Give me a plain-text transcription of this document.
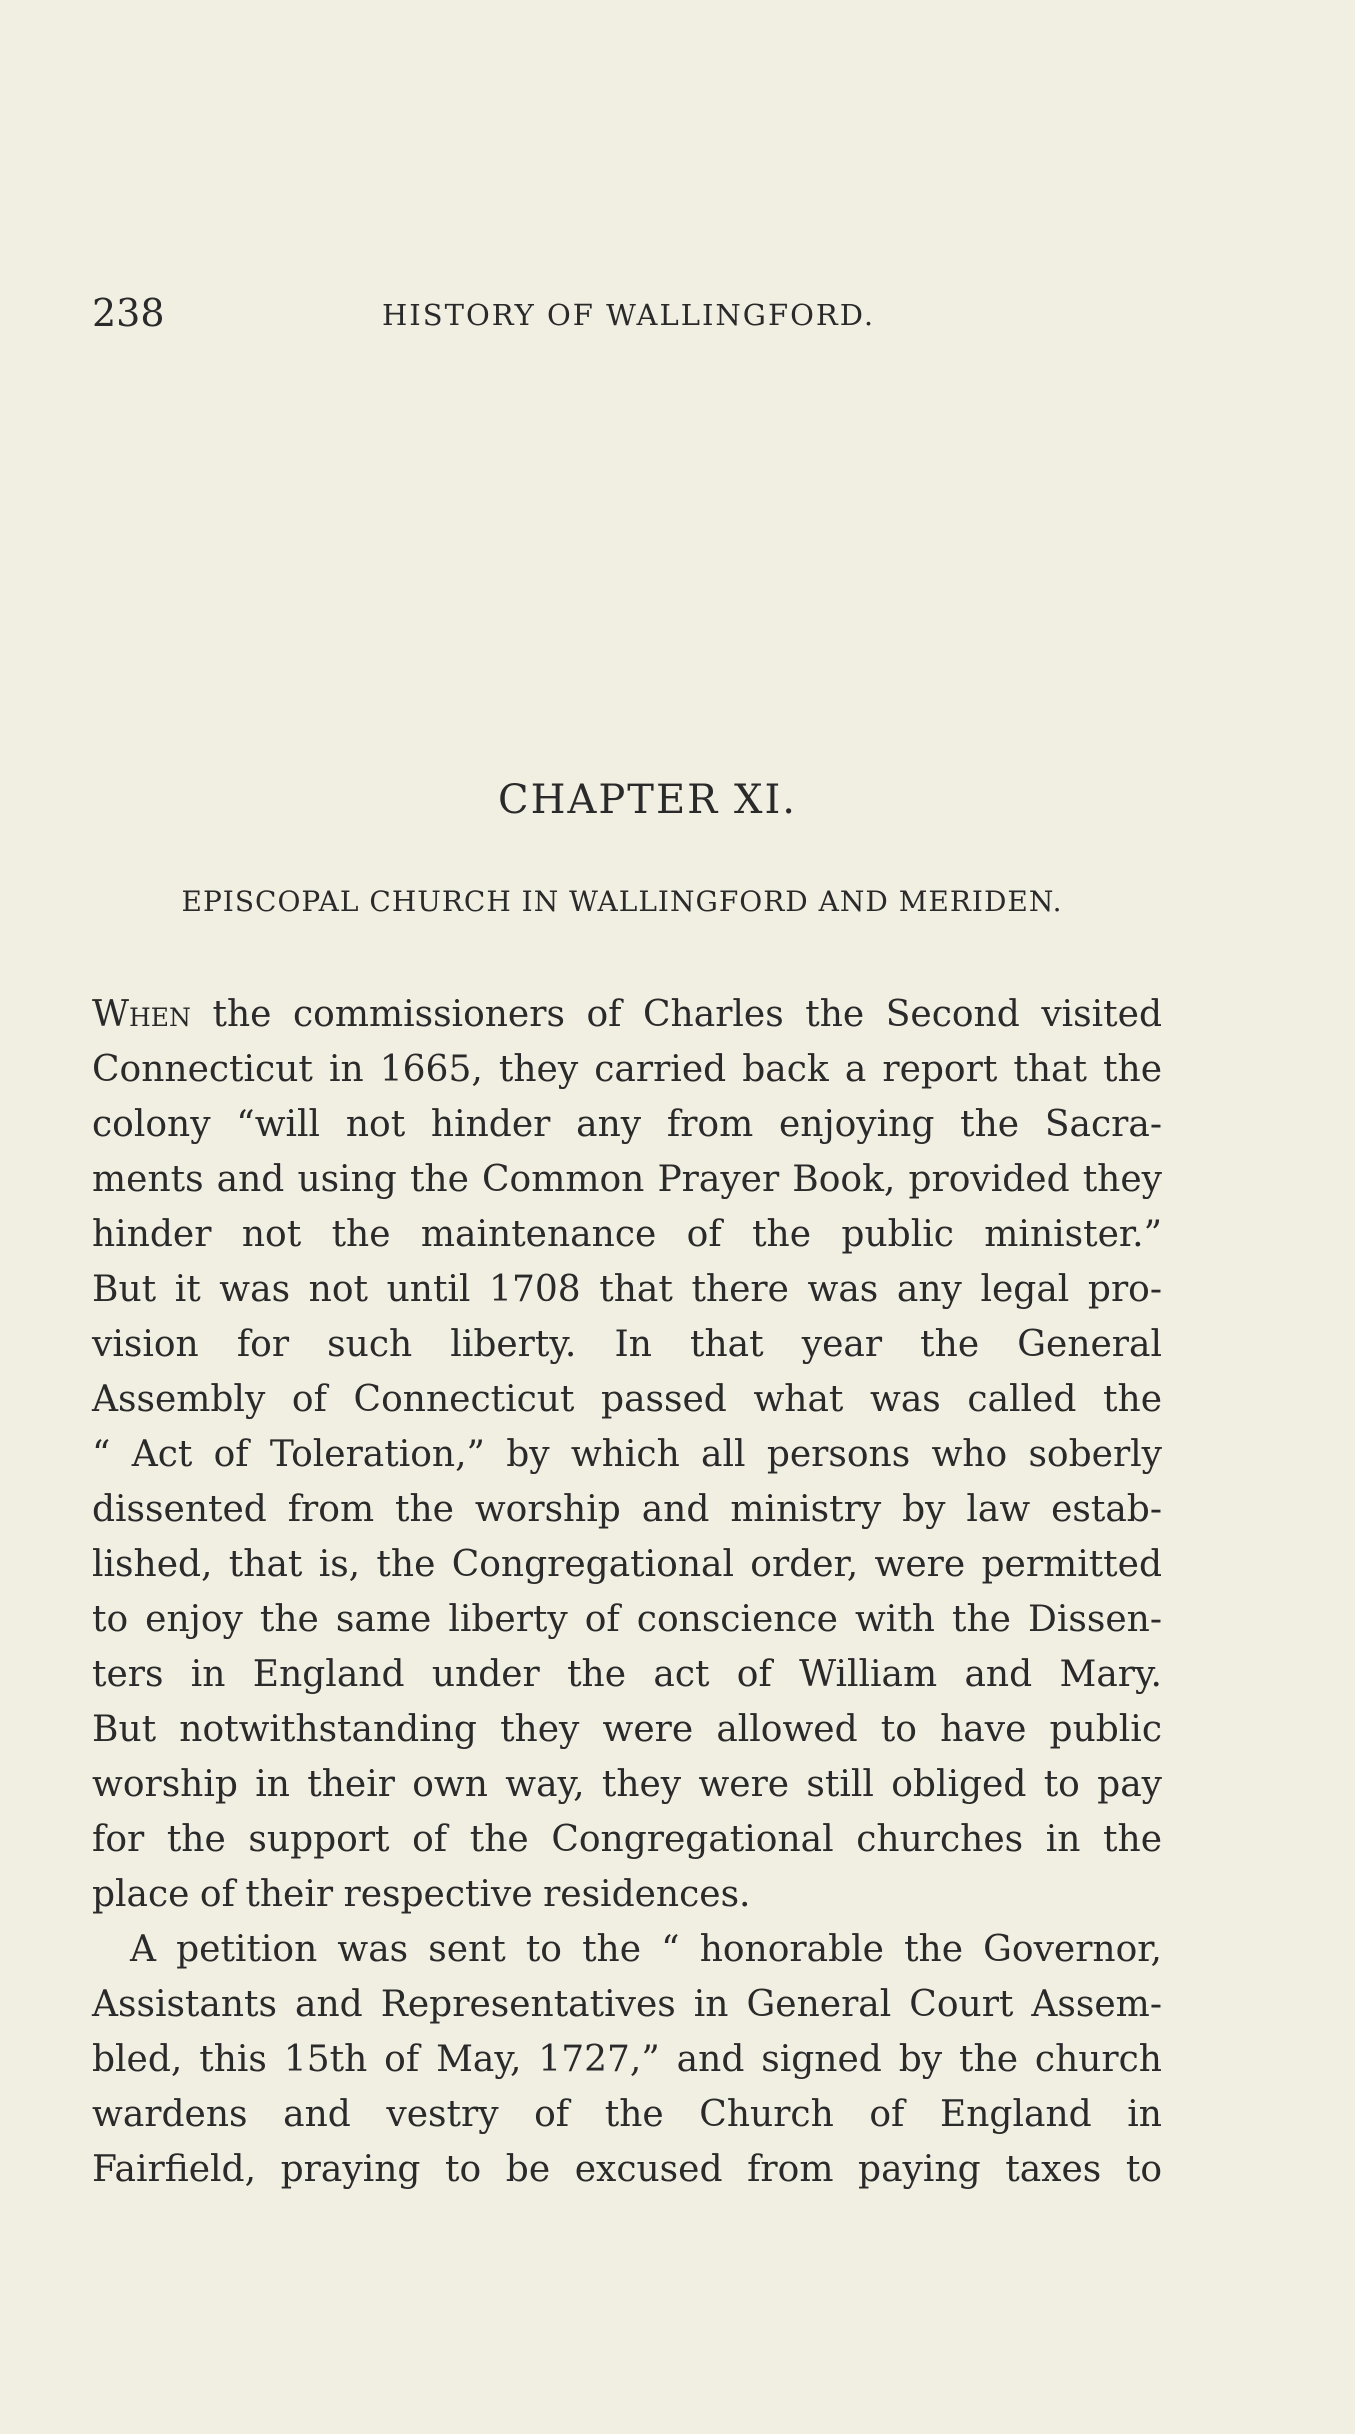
238	HISTORY OF WALLINGFORD.
CHAPTER XI.
EPISCOPAL CHURCH IN WALLINGFORD AND MERIDEN.
When the commissioners of Charles the Second visited
Connecticut in 1665, they carried back a report that the
colony “will not hinder any from enjoying the Sacra-
ments and using the Common Prayer Book, provided they
hinder not the maintenance of the public minister.”
But it was not until 1708 that there was any legal pro-
vision for such liberty. In that year the General
Assembly of Connecticut passed what was called the
“ Act of Toleration,” by which all persons who soberly
dissented from the worship and ministry by law estab-
lished, that is, the Congregational order, were permitted
to enjoy the same liberty of conscience with the Dissen-
ters in England under the act of William and Mary.
But notwithstanding they were allowed to have public
worship in their own way, they were still obliged to pay
for the support of the Congregational churches in the
place of their respective residences.
A petition was sent to the “ honorable the Governor,
Assistants and Representatives in General Court Assem-
bled, this 15th of May, 1727,” and signed by the church
wardens and vestry of the Church of England in
Fairfield, praying to be excused from paying taxes to
